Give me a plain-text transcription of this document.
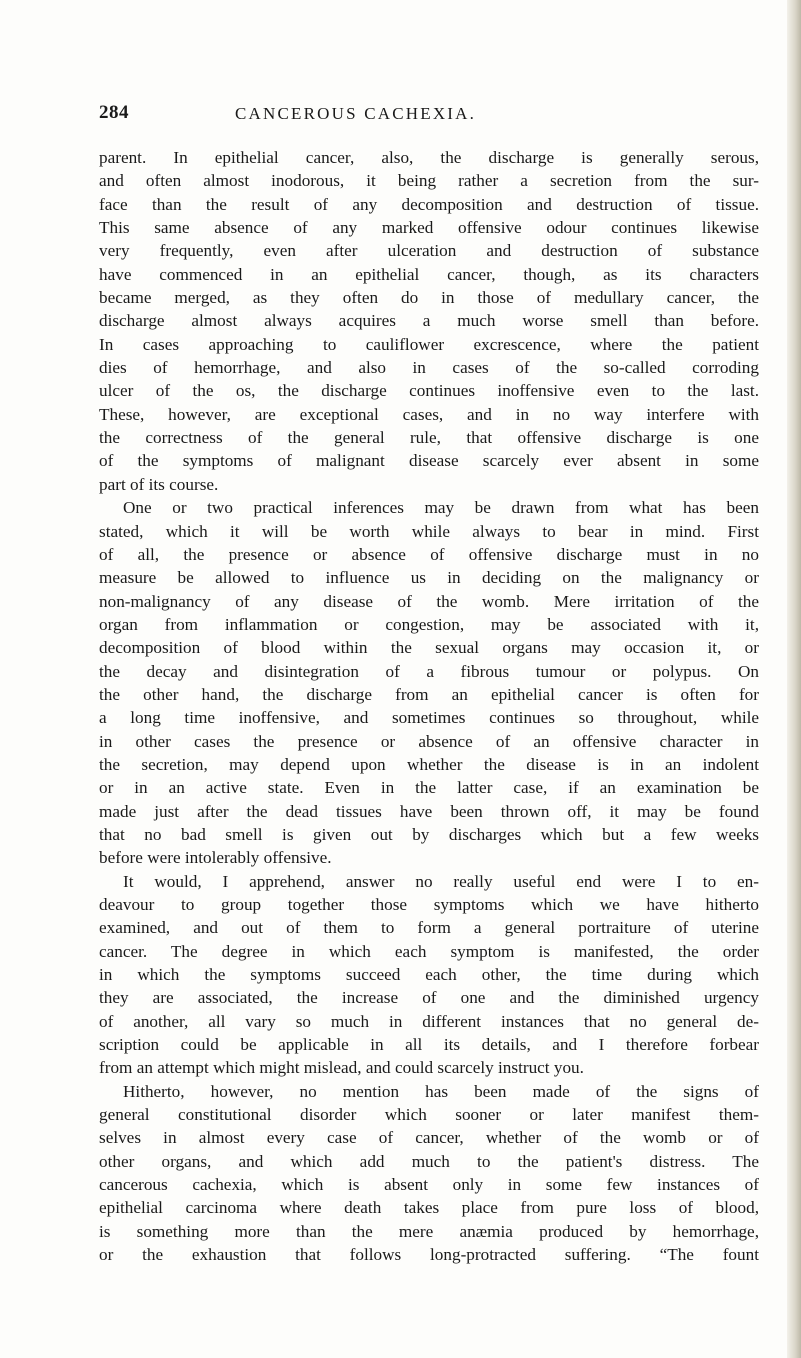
284	CANCEROUS CACHEXIA.
parent. In epithelial cancer, also, the discharge is generally serous,
and often almost inodorous, it being rather a secretion from the sur-
face than the result of any decomposition and destruction of tissue.
This same absence of any marked offensive odour continues likewise
very frequently, even after ulceration and destruction of substance
have commenced in an epithelial cancer, though, as its characters
became merged, as they often do in those of medullary cancer, the
discharge almost always acquires a much worse smell than before.
In cases approaching to cauliflower excrescence, where the patient
dies of hemorrhage, and also in cases of the so-called corroding
ulcer of the os, the discharge continues inoffensive even to the last.
These, however, are exceptional cases, and in no way interfere with
the correctness of the general rule, that offensive discharge is one
of the symptoms of malignant disease scarcely ever absent in some
part of its course.
One or two practical inferences may be drawn from what has been
stated, which it will be worth while always to bear in mind. First
of all, the presence or absence of offensive discharge must in no
measure be allowed to influence us in deciding on the malignancy or
non-malignancy of any disease of the womb. Mere irritation of the
organ from inflammation or congestion, may be associated with it,
decomposition of blood within the sexual organs may occasion it, or
the decay and disintegration of a fibrous tumour or polypus. On
the other hand, the discharge from an epithelial cancer is often for
a long time inoffensive, and sometimes continues so throughout, while
in other cases the presence or absence of an offensive character in
the secretion, may depend upon whether the disease is in an indolent
or in an active state. Even in the latter case, if an examination be
made just after the dead tissues have been thrown off, it may be found
that no bad smell is given out by discharges which but a few weeks
before were intolerably offensive.
It would, I apprehend, answer no really useful end were I to en-
deavour to group together those symptoms which we have hitherto
examined, and out of them to form a general portraiture of uterine
cancer. The degree in which each symptom is manifested, the order
in which the symptoms succeed each other, the time during which
they are associated, the increase of one and the diminished urgency
of another, all vary so much in different instances that no general de-
scription could be applicable in all its details, and I therefore forbear
from an attempt which might mislead, and could scarcely instruct you.
Hitherto, however, no mention has been made of the signs of
general constitutional disorder which sooner or later manifest them-
selves in almost every case of cancer, whether of the womb or of
other organs, and which add much to the patient's distress. The
cancerous cachexia, which is absent only in some few instances of
epithelial carcinoma where death takes place from pure loss of blood,
is something more than the mere anæmia produced by hemorrhage,
or the exhaustion that follows long-protracted suffering. “The fount
